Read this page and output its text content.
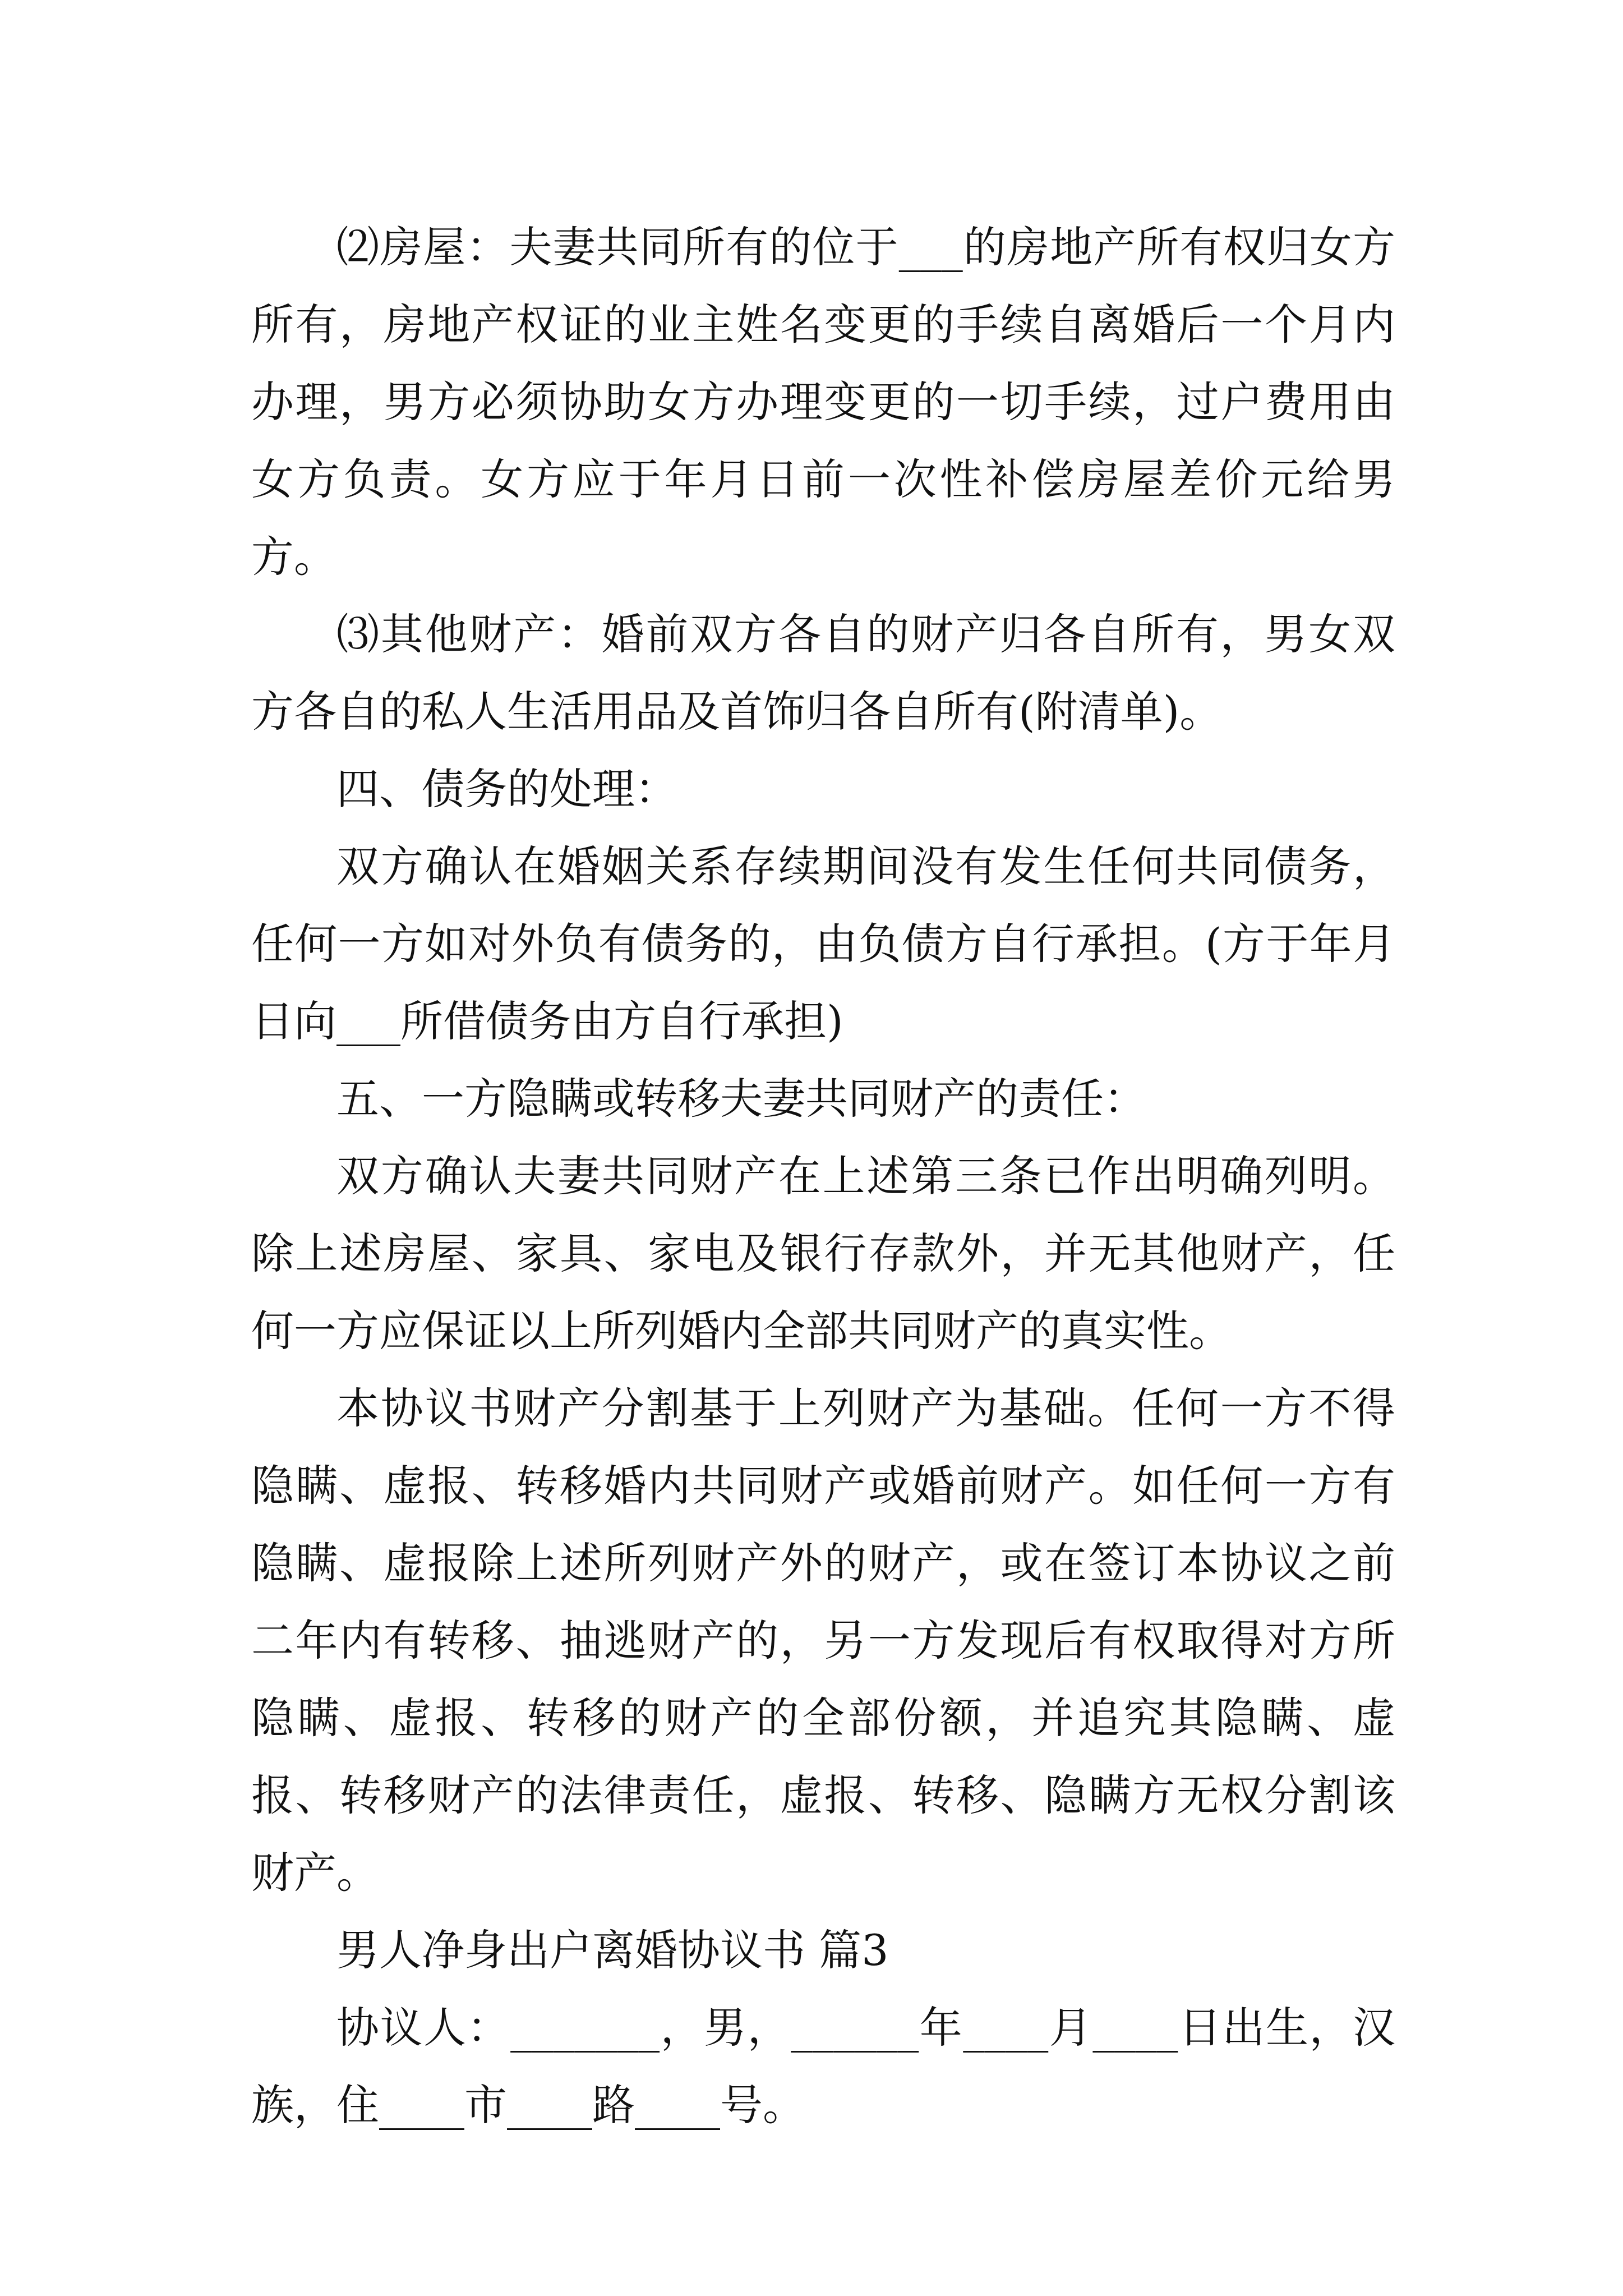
⑵房屋：夫妻共同所有的位于___的房地产所有权归女方所有，房地产权证的业主姓名变更的手续自离婚后一个月内办理，男方必须协助女方办理变更的一切手续，过户费用由女方负责。女方应于年月日前一次性补偿房屋差价元给男方。

⑶其他财产：婚前双方各自的财产归各自所有，男女双方各自的私人生活用品及首饰归各自所有(附清单)。

四、债务的处理：

双方确认在婚姻关系存续期间没有发生任何共同债务，任何一方如对外负有债务的，由负债方自行承担。(方于年月日向___所借债务由方自行承担)

五、一方隐瞒或转移夫妻共同财产的责任：

双方确认夫妻共同财产在上述第三条已作出明确列明。除上述房屋、家具、家电及银行存款外，并无其他财产，任何一方应保证以上所列婚内全部共同财产的真实性。

本协议书财产分割基于上列财产为基础。任何一方不得隐瞒、虚报、转移婚内共同财产或婚前财产。如任何一方有隐瞒、虚报除上述所列财产外的财产，或在签订本协议之前二年内有转移、抽逃财产的，另一方发现后有权取得对方所隐瞒、虚报、转移的财产的全部份额，并追究其隐瞒、虚报、转移财产的法律责任，虚报、转移、隐瞒方无权分割该财产。

男人净身出户离婚协议书 篇3

协议人：_______，男，______年____月____日出生，汉族，住____市____路____号。
